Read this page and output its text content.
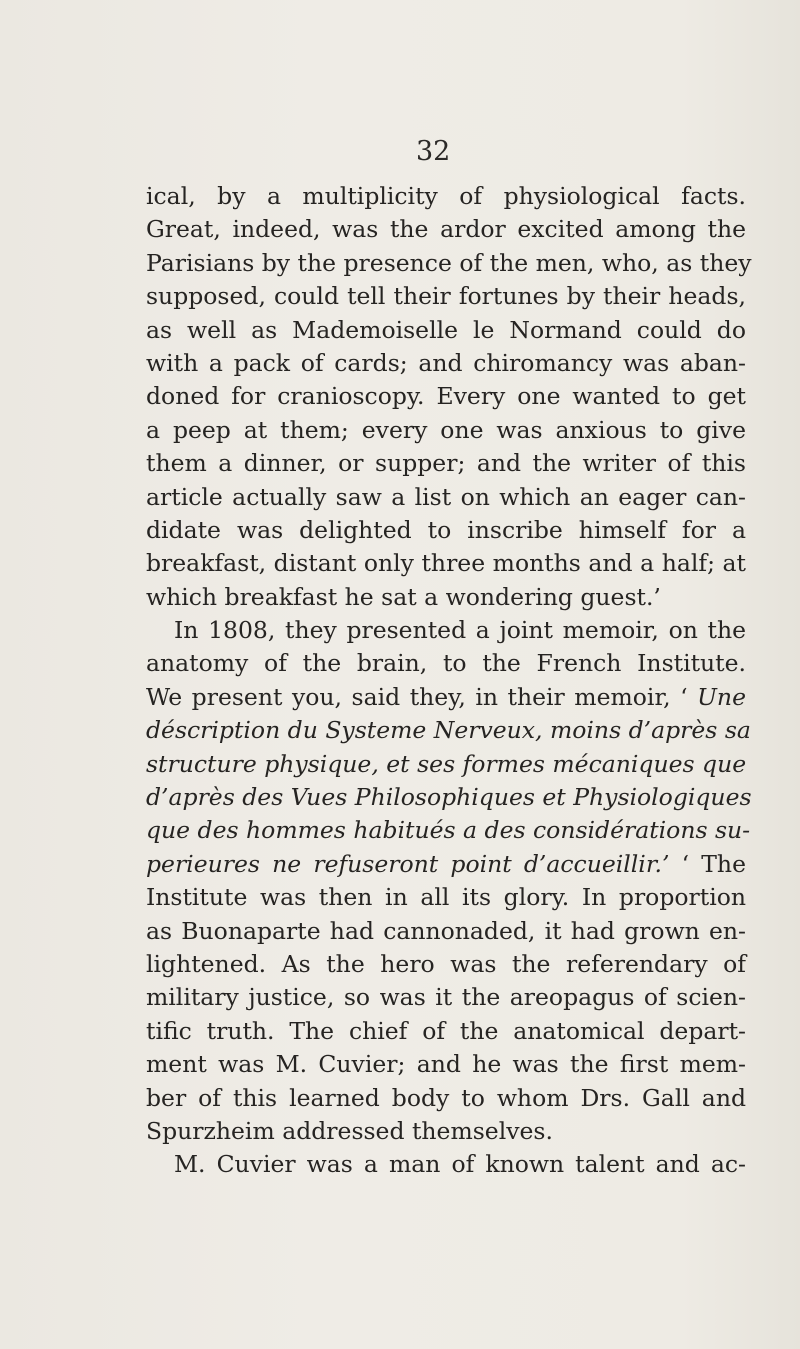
32
ical, by a multiplicity of physiological facts.
Great, indeed, was the ardor excited among the
Parisians by the presence of the men, who, as they
supposed, could tell their fortunes by their heads,
as well as Mademoiselle le Normand could do
with a pack of cards; and chiromancy was aban-
doned for cranioscopy. Every one wanted to get
a peep at them; every one was anxious to give
them a dinner, or supper; and the writer of this
article actually saw a list on which an eager can-
didate was delighted to inscribe himself for a
breakfast, distant only three months and a half; at
which breakfast he sat a wondering guest.’
In 1808, they presented a joint memoir, on the
anatomy of the brain, to the French Institute.
We present you, said they, in their memoir, ‘ Une
déscription du Systeme Nerveux, moins d’après sa
structure physique, et ses formes mécaniques que
d’après des Vues Philosophiques et Physiologiques
que des hommes habitués a des considérations su-
perieures ne refuseront point d’accueillir.’ ‘ The
Institute was then in all its glory. In proportion
as Buonaparte had cannonaded, it had grown en-
lightened. As the hero was the referendary of
military justice, so was it the areopagus of scien-
tific truth. The chief of the anatomical depart-
ment was M. Cuvier; and he was the first mem-
ber of this learned body to whom Drs. Gall and
Spurzheim addressed themselves.
M. Cuvier was a man of known talent and ac-
